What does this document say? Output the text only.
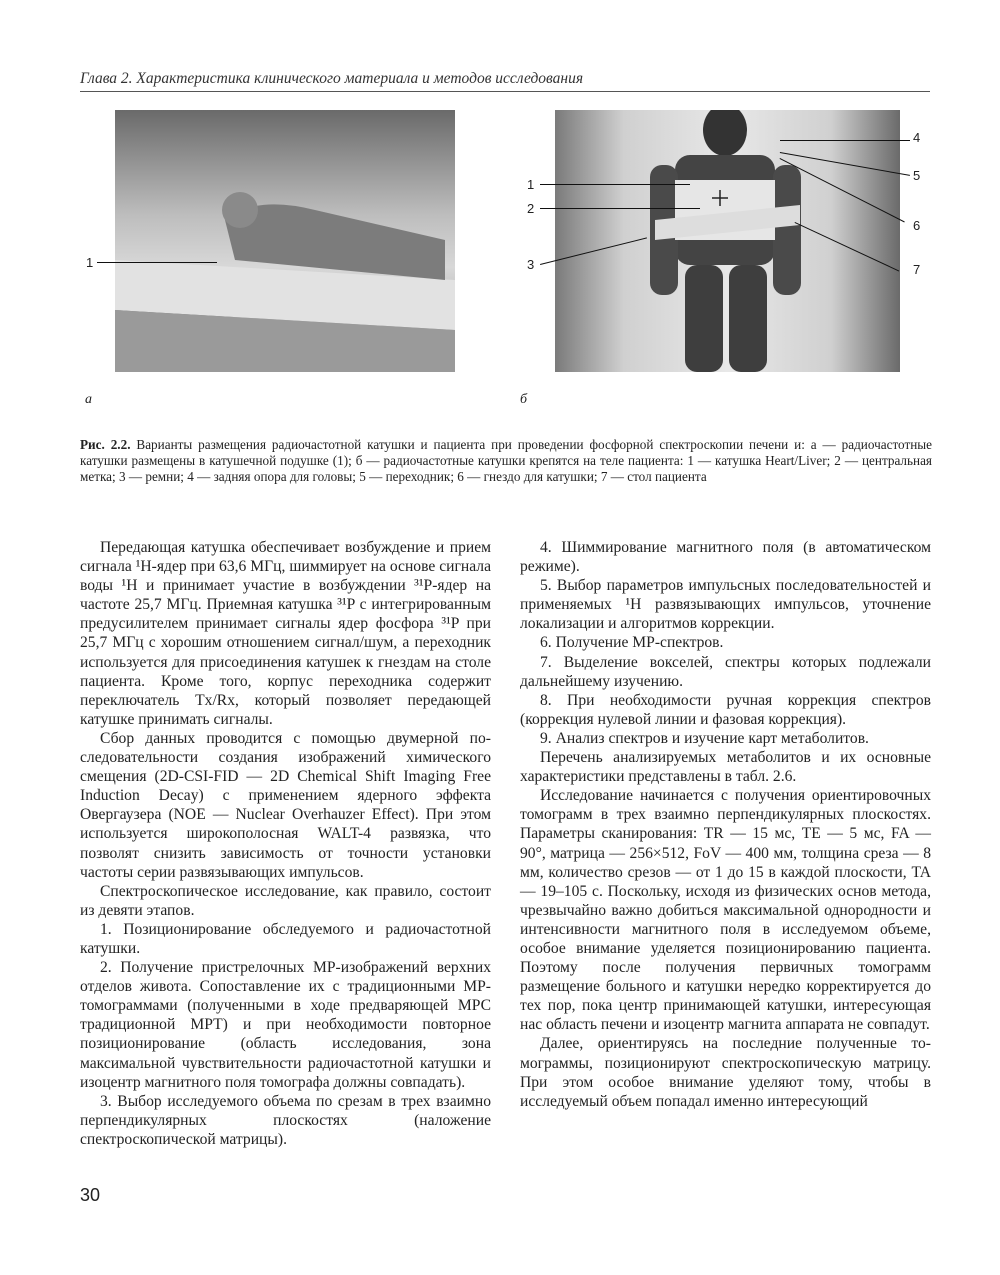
Глава 2. Характеристика клинического материала и методов исследования
1
1
2
3
4
5
6
7
а	б
Рис. 2.2. Варианты размещения радиочастотной катушки и пациента при проведении фосфорной спектроскопии печени и: а — радиочастотные катушки размещены в катушечной подушке (1); б — радиочастотные катушки крепятся на теле пациента: 1 — катушка Heart/Liver; 2 — центральная метка; 3 — ремни; 4 — задняя опора для головы; 5 — переходник; 6 — гнездо для катушки; 7 — стол пациента

Передающая катушка обеспечивает возбуждение и прием сигнала ¹H-ядер при 63,6 МГц, шиммирует на основе сигнала воды ¹H и принимает участие в возбуждении ³¹P-ядер на частоте 25,7 МГц. Приемная катушка ³¹P с интегрированным предусилителем принимает сигналы ядер фосфора ³¹P при 25,7 МГц с хорошим отношением сигнал/шум, а переходник используется для присоединения катушек к гнездам на столе пациента. Кроме того, корпус переходника содержит переключатель Tx/Rx, который позволяет передающей катушке принимать сигналы.

Сбор данных проводится с помощью двумерной последовательности создания изображений химического смещения (2D-CSI-FID — 2D Chemical Shift Imaging Free Induction Decay) с применением ядерного эффекта Овергаузера (NOE — Nuclear Overhauzer Effect). При этом используется широкополосная WALT-4 развязка, что позволят снизить зависимость от точности установки частоты серии развязывающих импульсов.

Спектроскопическое исследование, как правило, состоит из девяти этапов.

1. Позиционирование обследуемого и радиочастотной катушки.

2. Получение пристрелочных МР-изображений верхних отделов живота. Сопоставление их с традиционными МР-томограммами (полученными в ходе предваряющей МРС традиционной МРТ) и при необходимости повторное позиционирование (область исследования, зона максимальной чувствительности радиочастотной катушки и изоцентр магнитного поля томографа должны совпадать).

3. Выбор исследуемого объема по срезам в трех взаимно перпендикулярных плоскостях (наложение спектроскопической матрицы).

4. Шиммирование магнитного поля (в автоматическом режиме).

5. Выбор параметров импульсных последовательностей и применяемых ¹H развязывающих импульсов, уточнение локализации и алгоритмов коррекции.

6. Получение МР-спектров.

7. Выделение вокселей, спектры которых подлежали дальнейшему изучению.

8. При необходимости ручная коррекция спектров (коррекция нулевой линии и фазовая коррекция).

9. Анализ спектров и изучение карт метаболитов.

Перечень анализируемых метаболитов и их основные характеристики представлены в табл. 2.6.

Исследование начинается с получения ориентировочных томограмм в трех взаимно перпендикулярных плоскостях. Параметры сканирования: TR — 15 мс, TE — 5 мс, FA — 90°, матрица — 256×512, FoV — 400 мм, толщина среза — 8 мм, количество срезов — от 1 до 15 в каждой плоскости, TA — 19–105 с. Поскольку, исходя из физических основ метода, чрезвычайно важно добиться максимальной однородности и интенсивности магнитного поля в исследуемом объеме, особое внимание уделяется позиционированию пациента. Поэтому после получения первичных томограмм размещение больного и катушки нередко корректируется до тех пор, пока центр принимающей катушки, интересующая нас область печени и изоцентр магнита аппарата не совпадут.

Далее, ориентируясь на последние полученные томограммы, позиционируют спектроскопическую матрицу. При этом особое внимание уделяют тому, чтобы в исследуемый объем попадал именно интересующий

30
